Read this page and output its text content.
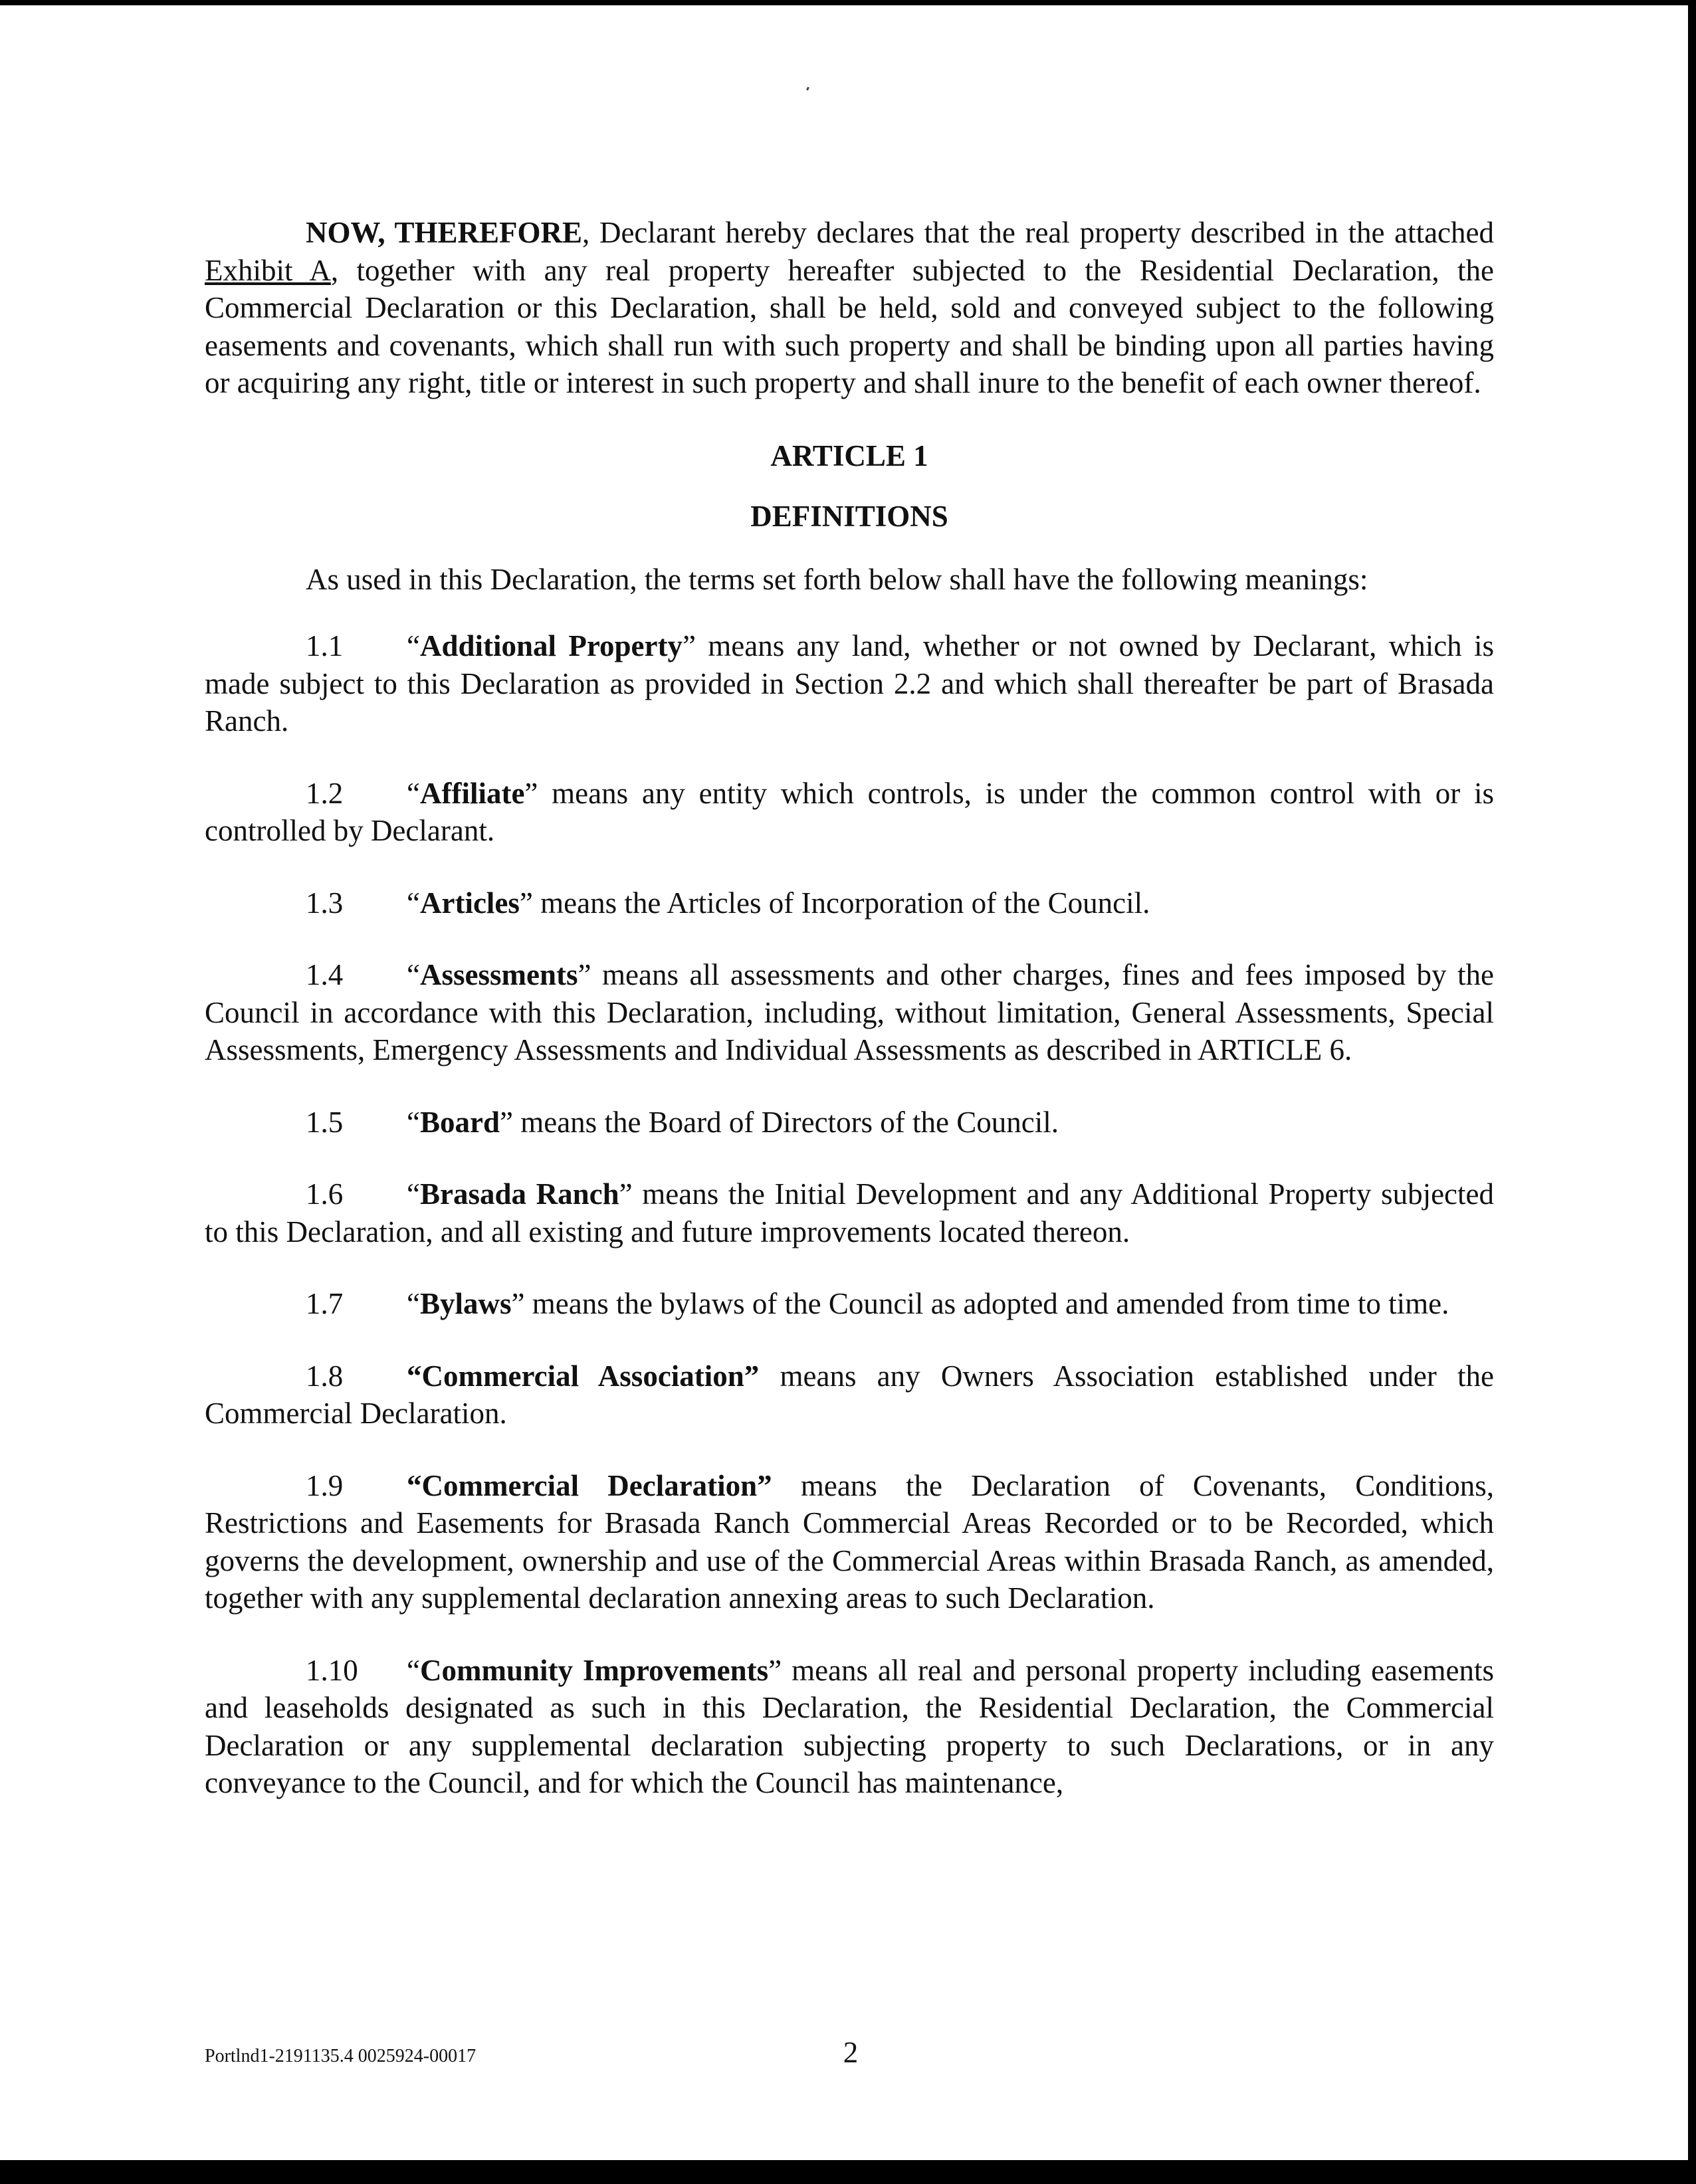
NOW, THEREFORE, Declarant hereby declares that the real property described in the attached Exhibit A, together with any real property hereafter subjected to the Residential Declaration, the Commercial Declaration or this Declaration, shall be held, sold and conveyed subject to the following easements and covenants, which shall run with such property and shall be binding upon all parties having or acquiring any right, title or interest in such property and shall inure to the benefit of each owner thereof.

ARTICLE 1

DEFINITIONS

As used in this Declaration, the terms set forth below shall have the following meanings:

1.1 “Additional Property” means any land, whether or not owned by Declarant, which is made subject to this Declaration as provided in Section 2.2 and which shall thereafter be part of Brasada Ranch.

1.2 “Affiliate” means any entity which controls, is under the common control with or is controlled by Declarant.

1.3 “Articles” means the Articles of Incorporation of the Council.

1.4 “Assessments” means all assessments and other charges, fines and fees imposed by the Council in accordance with this Declaration, including, without limitation, General Assessments, Special Assessments, Emergency Assessments and Individual Assessments as described in ARTICLE 6.

1.5 “Board” means the Board of Directors of the Council.

1.6 “Brasada Ranch” means the Initial Development and any Additional Property subjected to this Declaration, and all existing and future improvements located thereon.

1.7 “Bylaws” means the bylaws of the Council as adopted and amended from time to time.

1.8 “Commercial Association” means any Owners Association established under the Commercial Declaration.

1.9 “Commercial Declaration” means the Declaration of Covenants, Conditions, Restrictions and Easements for Brasada Ranch Commercial Areas Recorded or to be Recorded, which governs the development, ownership and use of the Commercial Areas within Brasada Ranch, as amended, together with any supplemental declaration annexing areas to such Declaration.

1.10 “Community Improvements” means all real and personal property including easements and leaseholds designated as such in this Declaration, the Residential Declaration, the Commercial Declaration or any supplemental declaration subjecting property to such Declarations, or in any conveyance to the Council, and for which the Council has maintenance,

Portlnd1-2191135.4 0025924-00017	2
